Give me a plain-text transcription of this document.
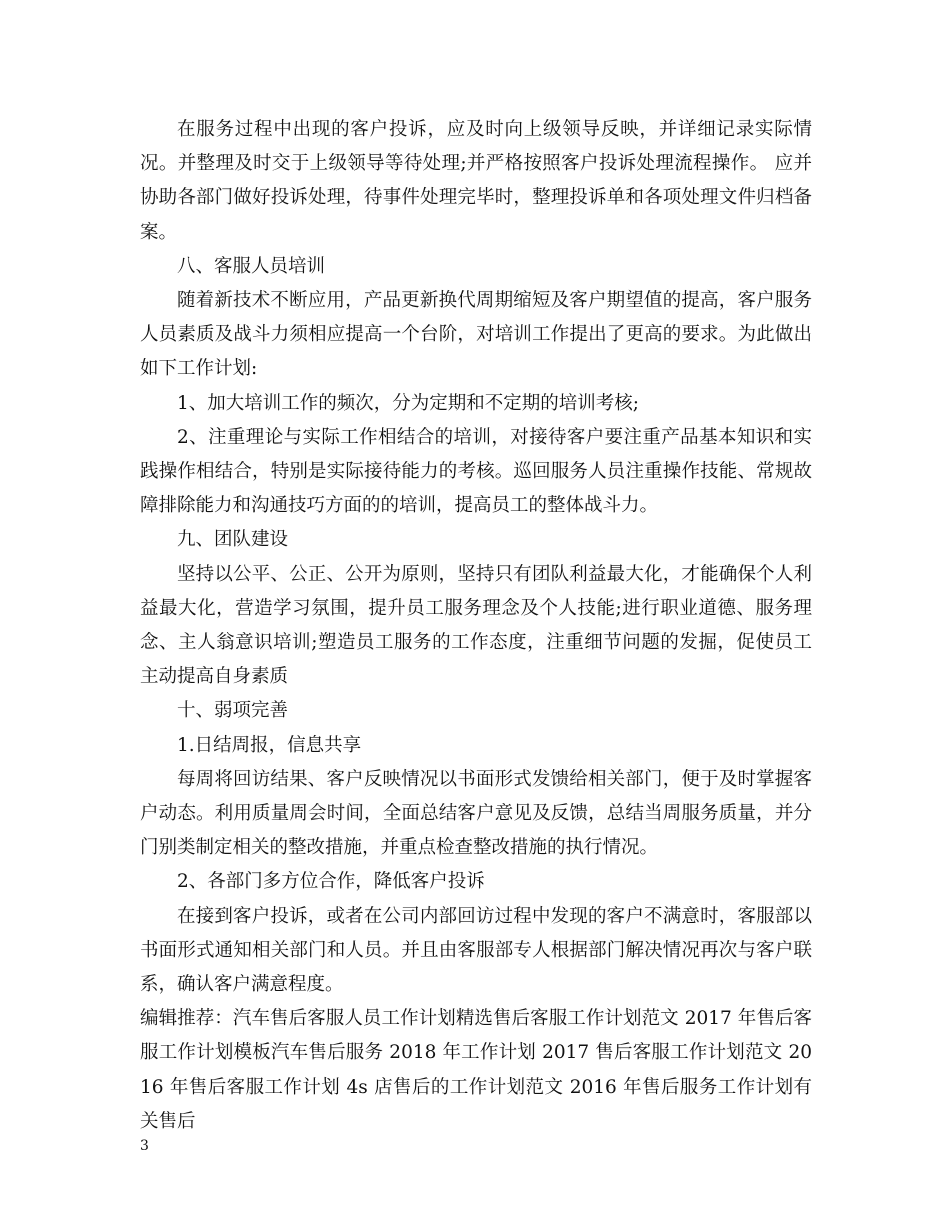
在服务过程中出现的客户投诉，应及时向上级领导反映，并详细记录实际情况。并整理及时交于上级领导等待处理;并严格按照客户投诉处理流程操作。 应并协助各部门做好投诉处理，待事件处理完毕时，整理投诉单和各项处理文件归档备案。

八、客服人员培训

随着新技术不断应用，产品更新换代周期缩短及客户期望值的提高，客户服务人员素质及战斗力须相应提高一个台阶，对培训工作提出了更高的要求。为此做出如下工作计划:

1、加大培训工作的频次，分为定期和不定期的培训考核;

2、注重理论与实际工作相结合的培训，对接待客户要注重产品基本知识和实践操作相结合，特别是实际接待能力的考核。巡回服务人员注重操作技能、常规故障排除能力和沟通技巧方面的的培训，提高员工的整体战斗力。

九、团队建设

坚持以公平、公正、公开为原则，坚持只有团队利益最大化，才能确保个人利益最大化，营造学习氛围，提升员工服务理念及个人技能;进行职业道德、服务理念、主人翁意识培训;塑造员工服务的工作态度，注重细节问题的发掘，促使员工主动提高自身素质

十、弱项完善

1.日结周报，信息共享

每周将回访结果、客户反映情况以书面形式发馈给相关部门，便于及时掌握客户动态。利用质量周会时间，全面总结客户意见及反馈，总结当周服务质量，并分门别类制定相关的整改措施，并重点检查整改措施的执行情况。

2、各部门多方位合作，降低客户投诉

在接到客户投诉，或者在公司内部回访过程中发现的客户不满意时，客服部以书面形式通知相关部门和人员。并且由客服部专人根据部门解决情况再次与客户联系，确认客户满意程度。

编辑推荐：汽车售后客服人员工作计划精选售后客服工作计划范文 2017 年售后客服工作计划模板汽车售后服务 2018 年工作计划 2017 售后客服工作计划范文 2016 年售后客服工作计划 4s 店售后的工作计划范文 2016 年售后服务工作计划有关售后

3
